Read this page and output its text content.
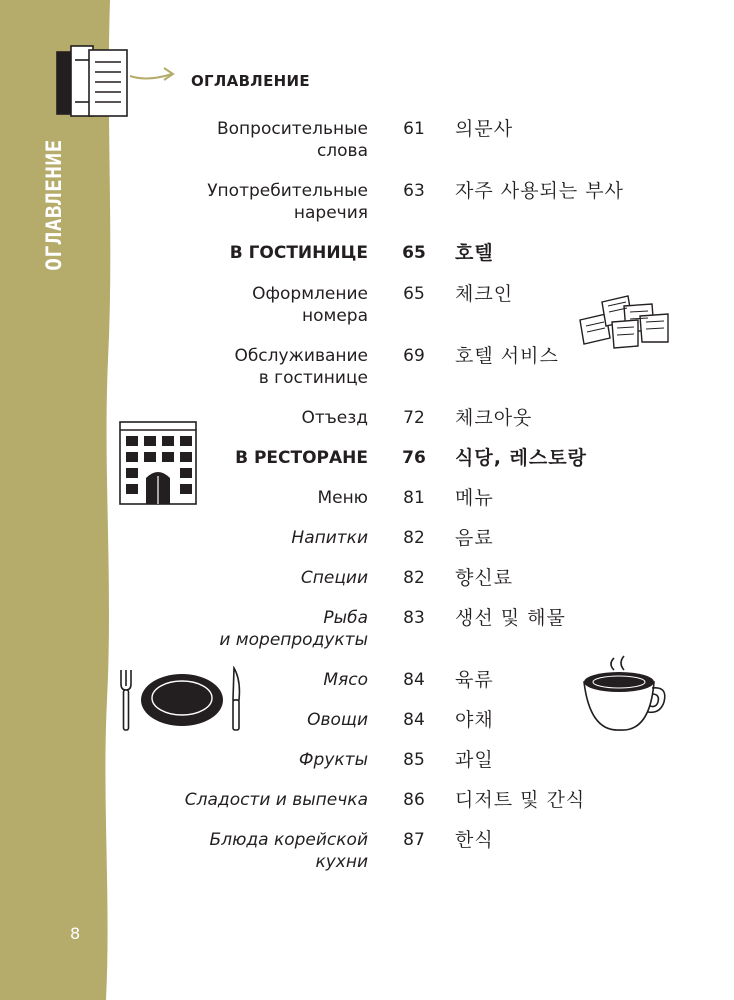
ОГЛАВЛЕНИЕ
8
ОГЛАВЛЕНИЕ
Вопросительные
слова
61	의문사
Употребительные
наречия
63	자주 사용되는 부사
В ГОСТИНИЦЕ	65	호텔
Оформление
номера
65	체크인
Обслуживание
в гостинице
69	호텔 서비스
Отъезд	72	체크아웃
В РЕСТОРАНЕ	76	식당, 레스토랑
Меню	81	메뉴
Напитки	82	음료
Специи	82	향신료
Рыба
и морепродукты
83	생선 및 해물
Мясо	84	육류
Овощи	84	야채
Фрукты	85	과일
Сладости и выпечка	86	디저트 및 간식
Блюда корейской
кухни
87	한식
